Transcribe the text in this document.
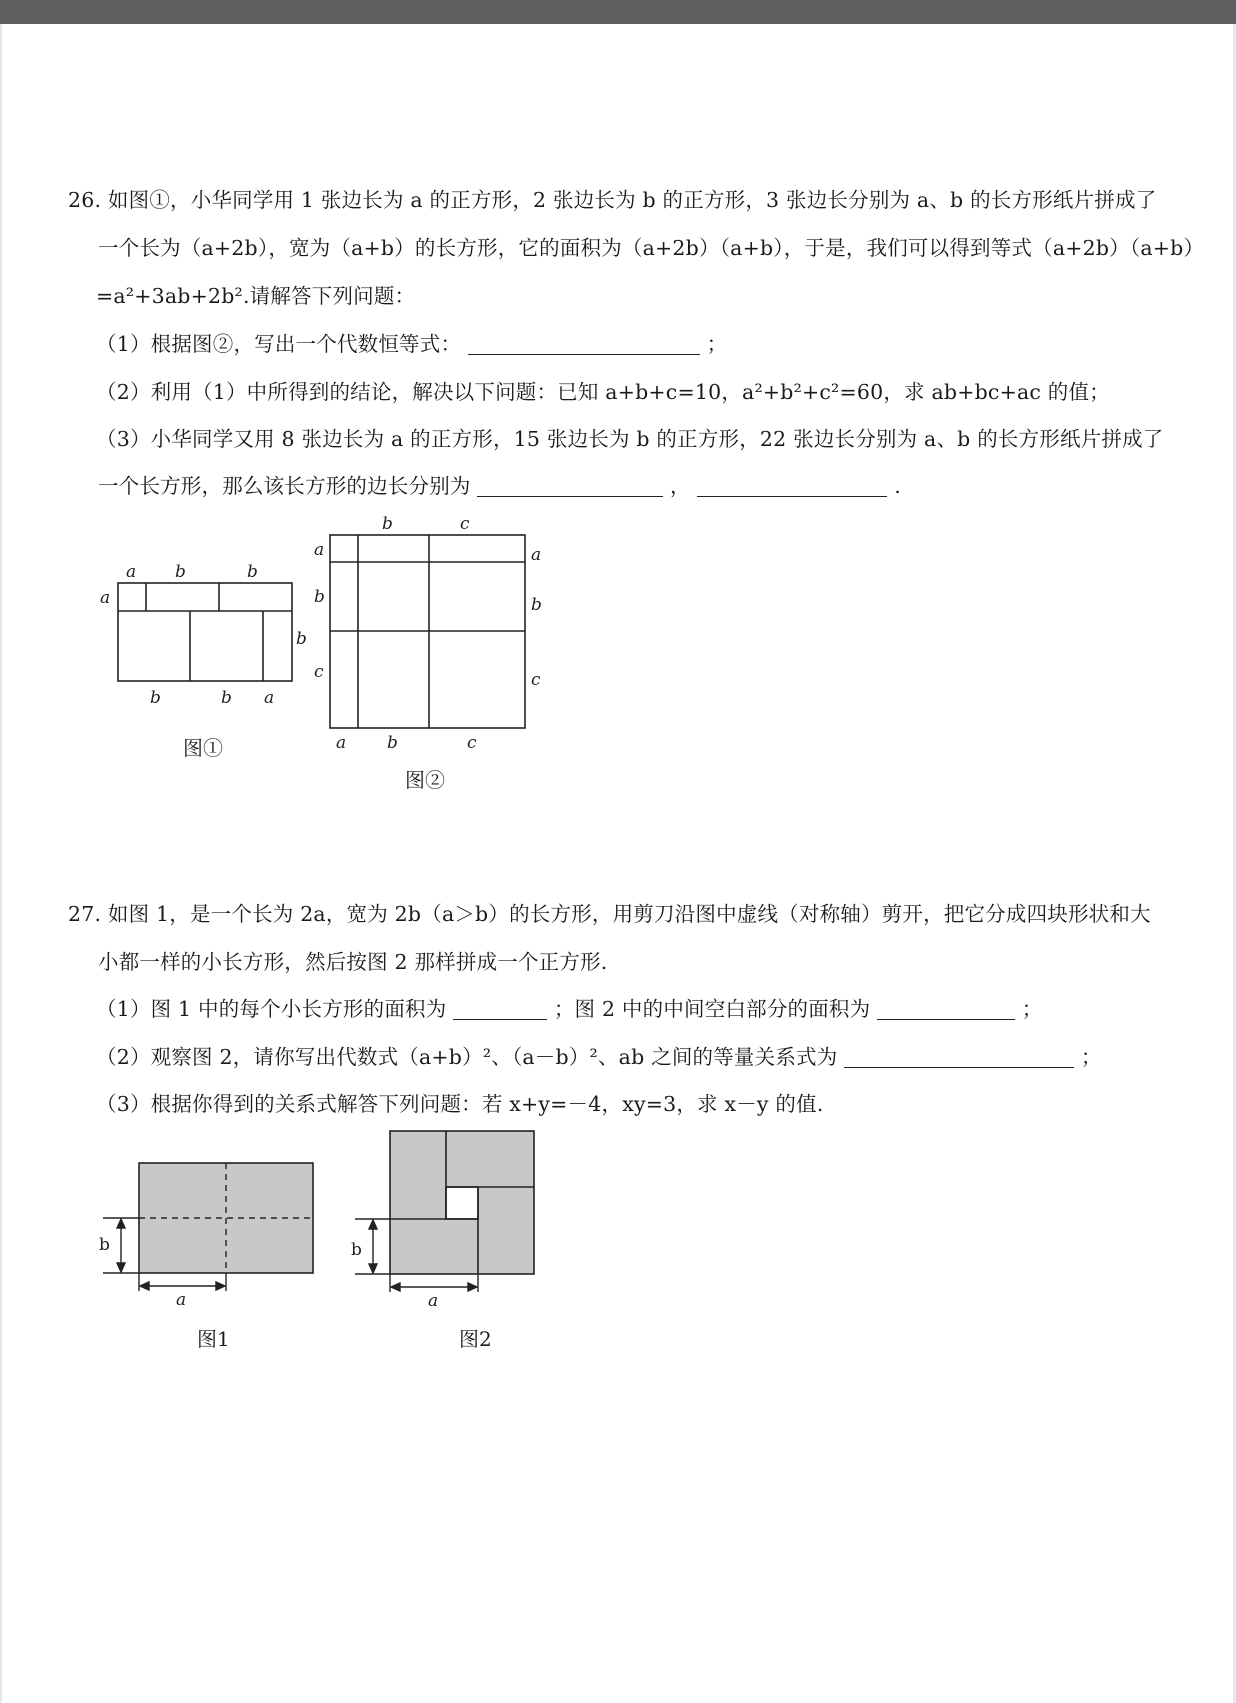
26. 如图①，小华同学用 1 张边长为 a 的正方形，2 张边长为 b 的正方形，3 张边长分别为 a、b 的长方形纸片拼成了
一个长为（a+2b），宽为（a+b）的长方形，它的面积为（a+2b）（a+b），于是，我们可以得到等式（a+2b）（a+b）
=a²+3ab+2b².请解答下列问题：
（1）根据图②，写出一个代数恒等式：	；
（2）利用（1）中所得到的结论，解决以下问题：已知 a+b+c=10，a²+b²+c²=60，求 ab+bc+ac 的值；
（3）小华同学又用 8 张边长为 a 的正方形，15 张边长为 b 的正方形，22 张边长分别为 a、b 的长方形纸片拼成了
一个长方形，那么该长方形的边长分别为	，	.
a b	b
a
b
b	b a
图①
b	c
a
b
c
a
b
c
a b	c
图②
27. 如图 1，是一个长为 2a，宽为 2b（a＞b）的长方形，用剪刀沿图中虚线（对称轴）剪开，把它分成四块形状和大
小都一样的小长方形，然后按图 2 那样拼成一个正方形.
（1）图 1 中的每个小长方形的面积为	；图 2 中的中间空白部分的面积为	；
（2）观察图 2，请你写出代数式（a+b）²、（a－b）²、ab 之间的等量关系式为	；
（3）根据你得到的关系式解答下列问题：若 x+y=－4，xy=3，求 x－y 的值.
b
a
图1
b
a
图2
